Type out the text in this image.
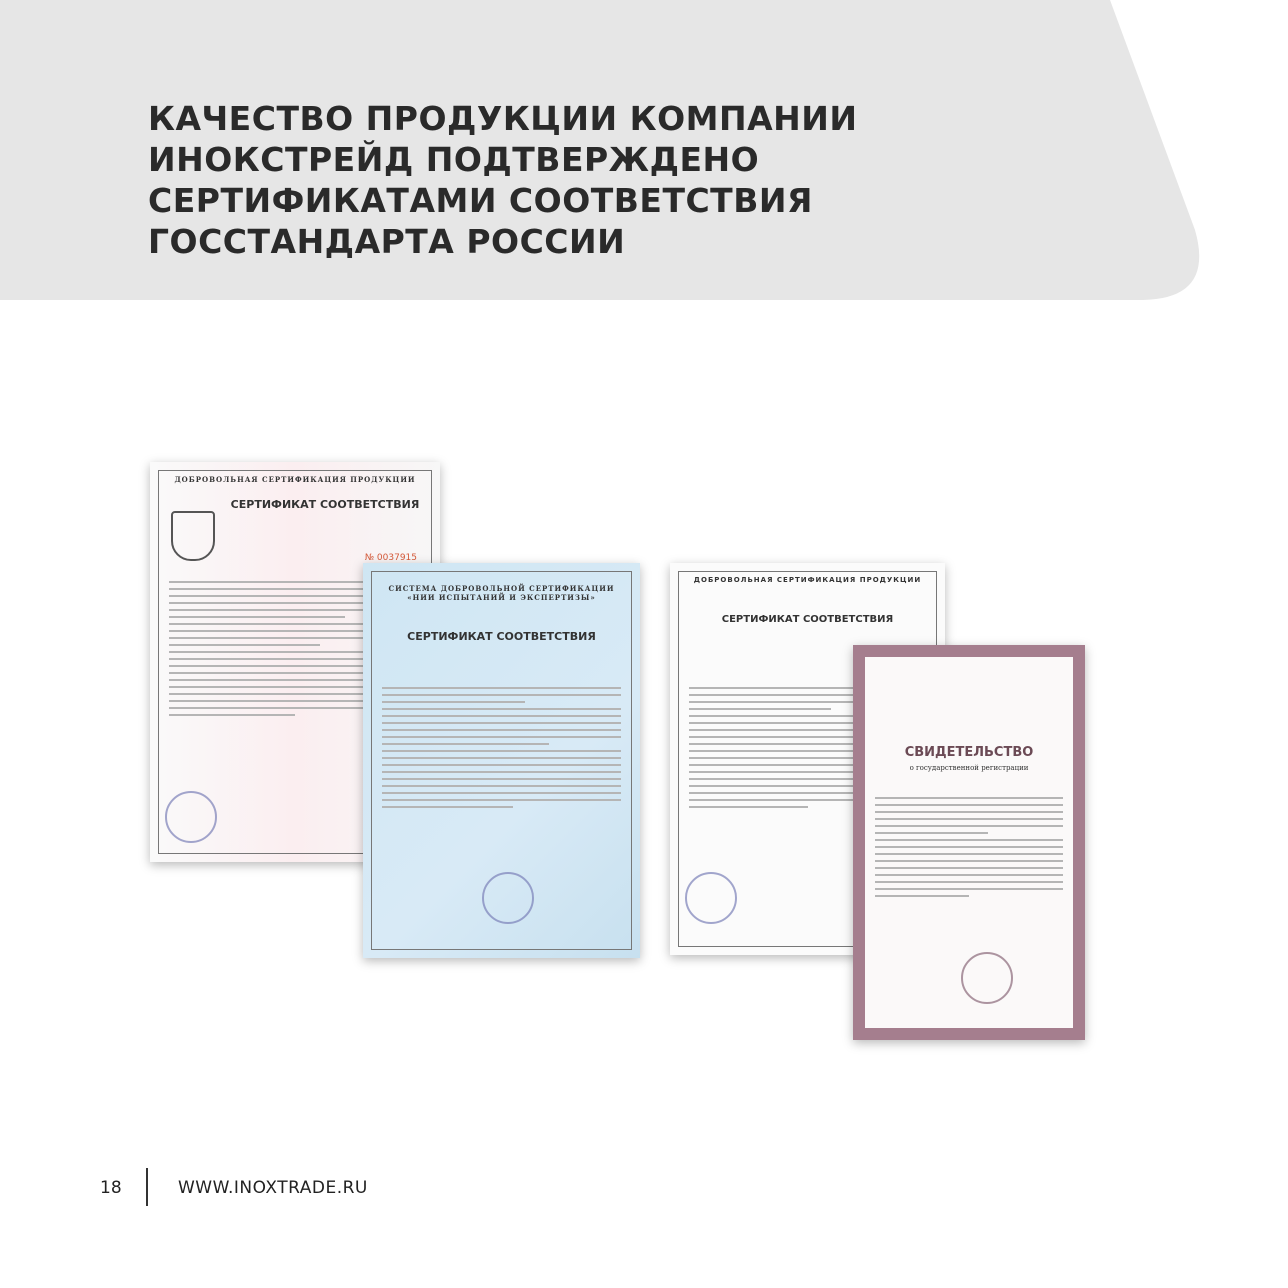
КАЧЕСТВО ПРОДУКЦИИ КОМПАНИИ
ИНОКСТРЕЙД ПОДТВЕРЖДЕНО
СЕРТИФИКАТАМИ СООТВЕТСТВИЯ
ГОССТАНДАРТА РОССИИ
ДОБРОВОЛЬНАЯ СЕРТИФИКАЦИЯ ПРОДУКЦИИ
СЕРТИФИКАТ СООТВЕТСТВИЯ
№ 0037915
СИСТЕМА ДОБРОВОЛЬНОЙ СЕРТИФИКАЦИИ «НИИ ИСПЫТАНИЙ И ЭКСПЕРТИЗЫ»
СЕРТИФИКАТ СООТВЕТСТВИЯ
ДОБРОВОЛЬНАЯ СЕРТИФИКАЦИЯ ПРОДУКЦИИ
СЕРТИФИКАТ СООТВЕТСТВИЯ
СВИДЕТЕЛЬСТВО
о государственной регистрации
18	WWW.INOXTRADE.RU
